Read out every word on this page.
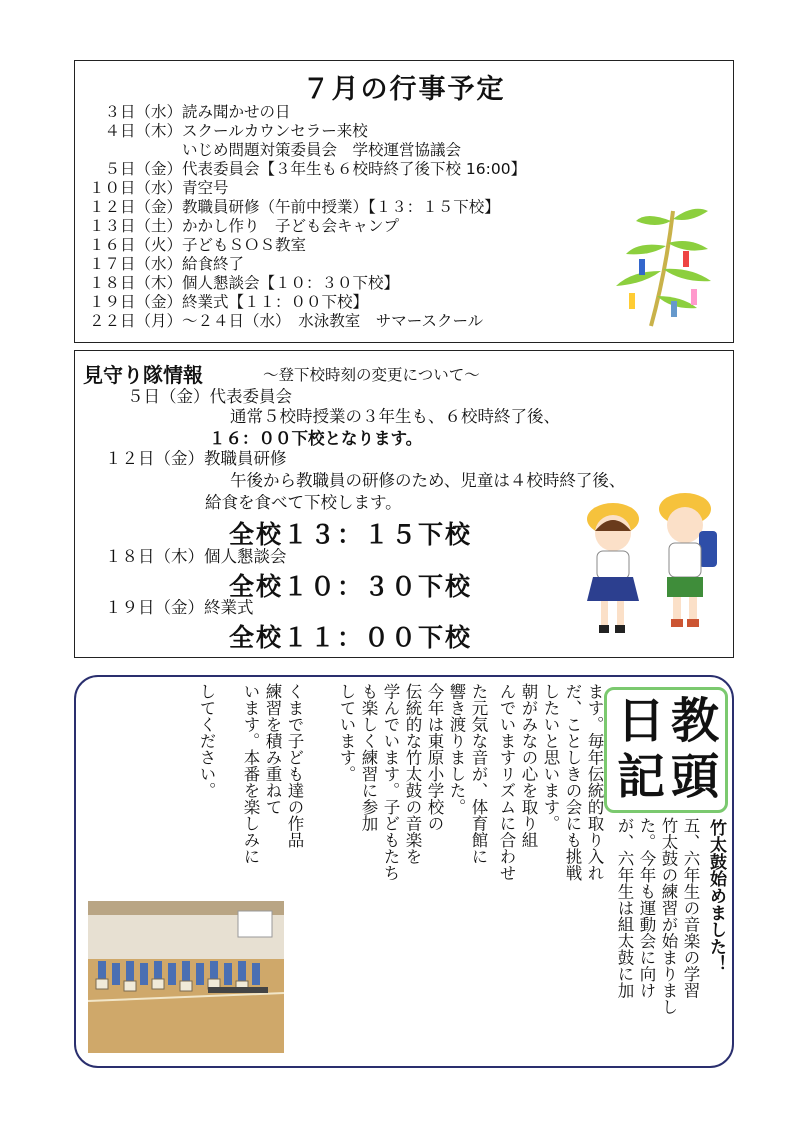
７月の行事予定
　３日（水）読み聞かせの日
　４日（木）スクールカウンセラー来校
　　　　　　いじめ問題対策委員会　学校運営協議会
　５日（金）代表委員会【３年生も６校時終了後下校 16:00】
１０日（水）青空号
１２日（金）教職員研修（午前中授業）【１３：１５下校】
１３日（土）かかし作り　子ども会キャンプ
１６日（火）子どもＳＯＳ教室
１７日（水）給食終了
１８日（木）個人懇談会【１０：３０下校】
１９日（金）終業式【１１：００下校】
２２日（月）～２４日（水）　水泳教室　サマースクール
見守り隊情報	～登下校時刻の変更について～
５日（金）代表委員会
通常５校時授業の３年生も、６校時終了後、
１６：００下校となります。
１２日（金）教職員研修
午後から教職員の研修のため、児童は４校時終了後、
給食を食べて下校します。
全校１３：１５下校
１８日（木）個人懇談会
全校１０：３０下校
１９日（金）終業式
全校１１：００下校
教
頭
日
記
竹太鼓始めました！
五、六年生の音楽の学習
竹太鼓の練習が始まりまし
た。今年も運動会に向け
が、六年生は組太鼓に加
ます。毎年伝統的取り入れ
だ、ことしきの会にも挑戦
したいと思います。
朝がみなの心を取り組
んでいますリズムに合わせ
た元気な音が、体育館に
響き渡りました。
今年は東原小学校の
伝統的な竹太鼓の音楽を
学んでいます。子どもたち
も楽しく練習に参加
しています。
くまで子ども達の作品
練習を積み重ねて
います。本番を楽しみに
してください。
